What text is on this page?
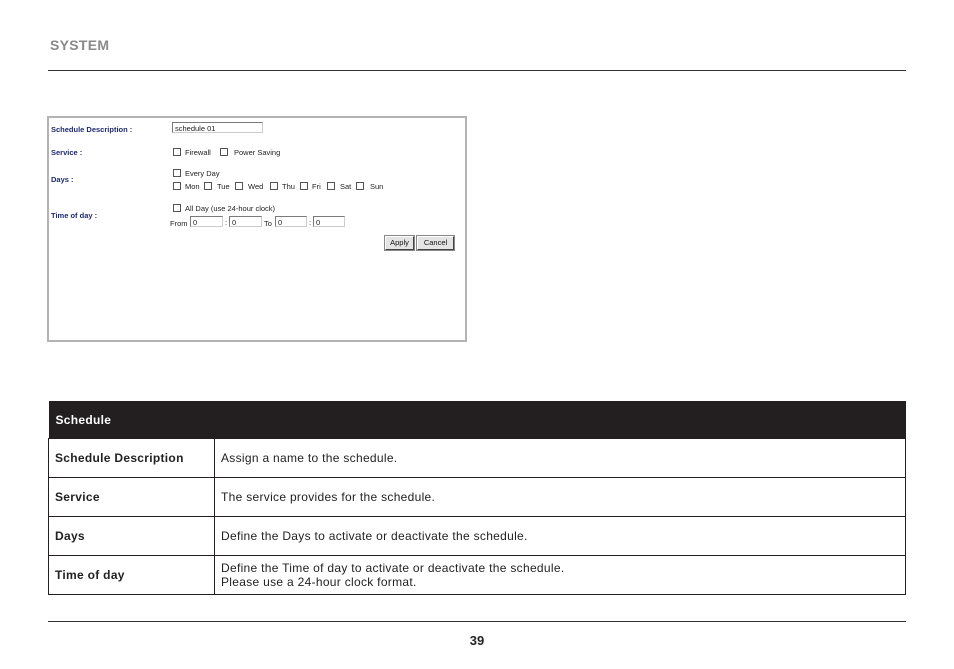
SYSTEM
Schedule Description :	schedule 01
Service :	Firewall	Power Saving
Days :
Every Day
Mon Tue Wed Thu Fri	Sat Sun
Time of day :
All Day (use 24-hour clock)
From 0	: 0	To 0	: 0
Apply	Cancel
Schedule	
Schedule Description	Assign a name to the schedule.
Service	The service provides for the schedule.
Days	Define the Days to activate or deactivate the schedule.
Time of day	Define the Time of day to activate or deactivate the schedule.
Please use a 24-hour clock format.
39
